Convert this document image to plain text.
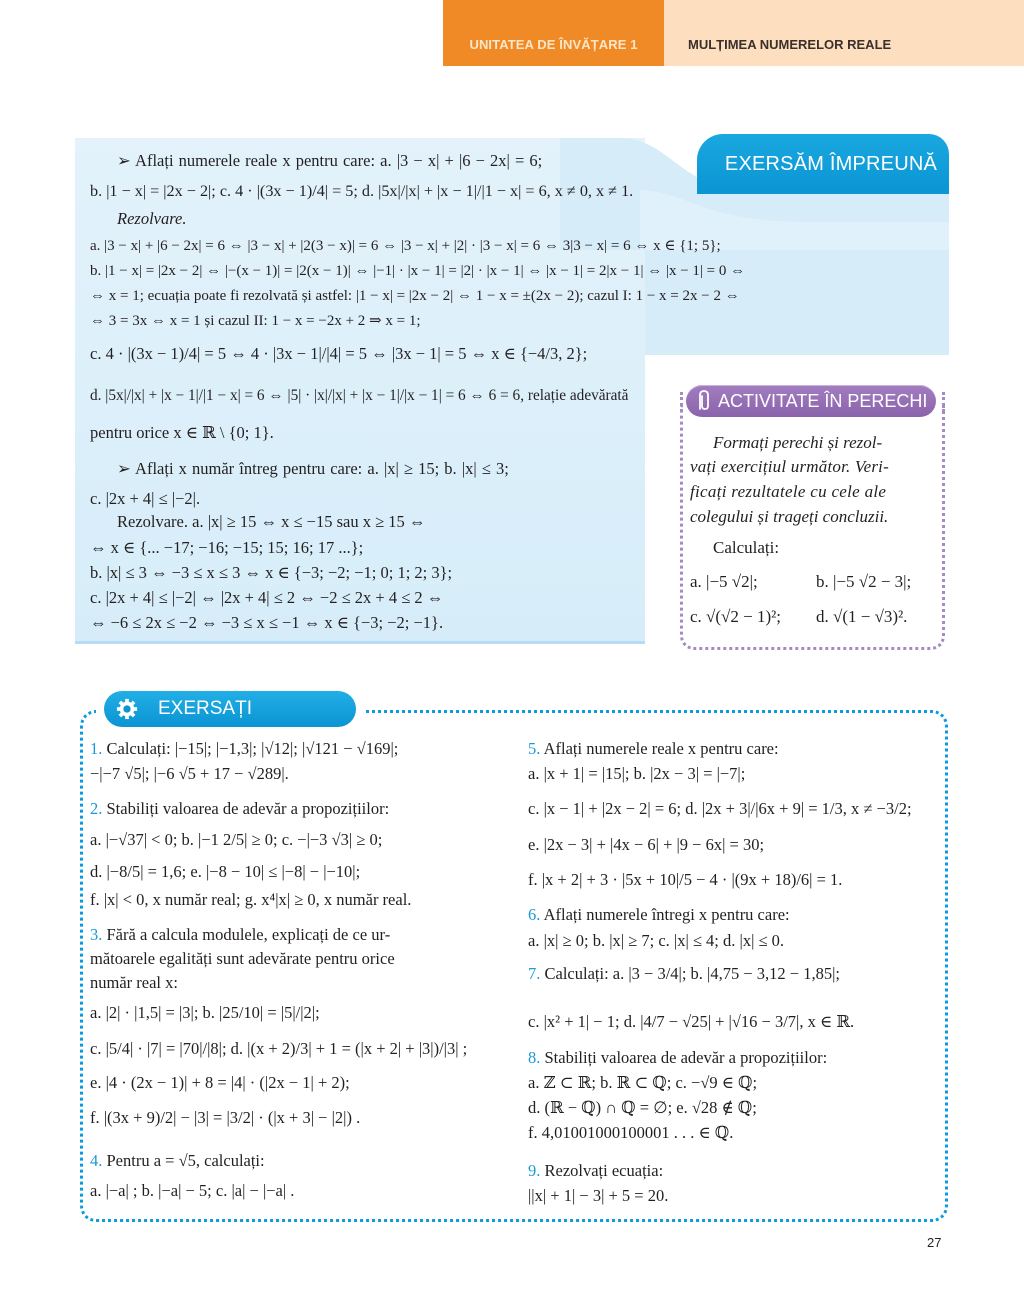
UNITATEA DE ÎNVĂȚARE 1	MULȚIMEA NUMERELOR REALE
EXERSĂM ÎMPREUNĂ
➢ Aflați numerele reale x pentru care: a. |3 − x| + |6 − 2x| = 6;
b. |1 − x| = |2x − 2|; c. 4 · |(3x − 1)/4| = 5; d. |5x|/|x| + |x − 1|/|1 − x| = 6, x ≠ 0, x ≠ 1.
Rezolvare.
a. |3 − x| + |6 − 2x| = 6 ⇔ |3 − x| + |2(3 − x)| = 6 ⇔ |3 − x| + |2| · |3 − x| = 6 ⇔ 3|3 − x| = 6 ⇔ x ∈ {1; 5};
b. |1 − x| = |2x − 2| ⇔ |−(x − 1)| = |2(x − 1)| ⇔ |−1| · |x − 1| = |2| · |x − 1| ⇔ |x − 1| = 2|x − 1| ⇔ |x − 1| = 0 ⇔
⇔ x = 1; ecuația poate fi rezolvată și astfel: |1 − x| = |2x − 2| ⇔ 1 − x = ±(2x − 2); cazul I: 1 − x = 2x − 2 ⇔
⇔ 3 = 3x ⇔ x = 1 și cazul II: 1 − x = −2x + 2 ⇒ x = 1;
c. 4 · |(3x − 1)/4| = 5 ⇔ 4 · |3x − 1|/|4| = 5 ⇔ |3x − 1| = 5 ⇔ x ∈ {−4/3, 2};
d. |5x|/|x| + |x − 1|/|1 − x| = 6 ⇔ |5| · |x|/|x| + |x − 1|/|x − 1| = 6 ⇔ 6 = 6, relație adevărată
pentru orice x ∈ ℝ \ {0; 1}.
➢ Aflați x număr întreg pentru care: a. |x| ≥ 15; b. |x| ≤ 3;
c. |2x + 4| ≤ |−2|.
Rezolvare. a. |x| ≥ 15 ⇔ x ≤ −15 sau x ≥ 15 ⇔
⇔ x ∈ {... −17; −16; −15; 15; 16; 17 ...};
b. |x| ≤ 3 ⇔ −3 ≤ x ≤ 3 ⇔ x ∈ {−3; −2; −1; 0; 1; 2; 3};
c. |2x + 4| ≤ |−2| ⇔ |2x + 4| ≤ 2 ⇔ −2 ≤ 2x + 4 ≤ 2 ⇔
⇔ −6 ≤ 2x ≤ −2 ⇔ −3 ≤ x ≤ −1 ⇔ x ∈ {−3; −2; −1}.
ACTIVITATE ÎN PERECHI
Formați perechi și rezol-
vați exercițiul următor. Veri-
ficați rezultatele cu cele ale
colegului și trageți concluzii.
Calculați:
a. |−5 √2|;	b. |−5 √2 − 3|;
c. √(√2 − 1)²; d. √(1 − √3)².
EXERSAȚI
1. Calculați: |−15|; |−1,3|; |√12|; |√121 − √169|;
−|−7 √5|; |−6 √5 + 17 − √289|.
2. Stabiliți valoarea de adevăr a propozițiilor:
a. |−√37| < 0; b. |−1 2/5| ≥ 0; c. −|−3 √3| ≥ 0;
d. |−8/5| = 1,6; e. |−8 − 10| ≤ |−8| − |−10|;
f. |x| < 0, x număr real; g. x⁴|x| ≥ 0, x număr real.
3. Fără a calcula modulele, explicați de ce ur-
mătoarele egalități sunt adevărate pentru orice
număr real x:
a. |2| · |1,5| = |3|; b. |25/10| = |5|/|2|;
c. |5/4| · |7| = |70|/|8|; d. |(x + 2)/3| + 1 = (|x + 2| + |3|)/|3| ;
e. |4 · (2x − 1)| + 8 = |4| · (|2x − 1| + 2);
f. |(3x + 9)/2| − |3| = |3/2| · (|x + 3| − |2|) .
4. Pentru a = √5, calculați:
a. |−a| ; b. |−a| − 5; c. |a| − |−a| .
5. Aflați numerele reale x pentru care:
a. |x + 1| = |15|; b. |2x − 3| = |−7|;
c. |x − 1| + |2x − 2| = 6; d. |2x + 3|/|6x + 9| = 1/3, x ≠ −3/2;
e. |2x − 3| + |4x − 6| + |9 − 6x| = 30;
f. |x + 2| + 3 · |5x + 10|/5 − 4 · |(9x + 18)/6| = 1.
6. Aflați numerele întregi x pentru care:
a. |x| ≥ 0; b. |x| ≥ 7; c. |x| ≤ 4; d. |x| ≤ 0.
7. Calculați: a. |3 − 3/4|; b. |4,75 − 3,12 − 1,85|;
c. |x² + 1| − 1; d. |4/7 − √25| + |√16 − 3/7|, x ∈ ℝ.
8. Stabiliți valoarea de adevăr a propozițiilor:
a. ℤ ⊂ ℝ; b. ℝ ⊂ ℚ; c. −√9 ∈ ℚ;
d. (ℝ − ℚ) ∩ ℚ = ∅; e. √28 ∉ ℚ;
f. 4,01001000100001 . . . ∈ ℚ.
9. Rezolvați ecuația:
||x| + 1| − 3| + 5 = 20.
27
